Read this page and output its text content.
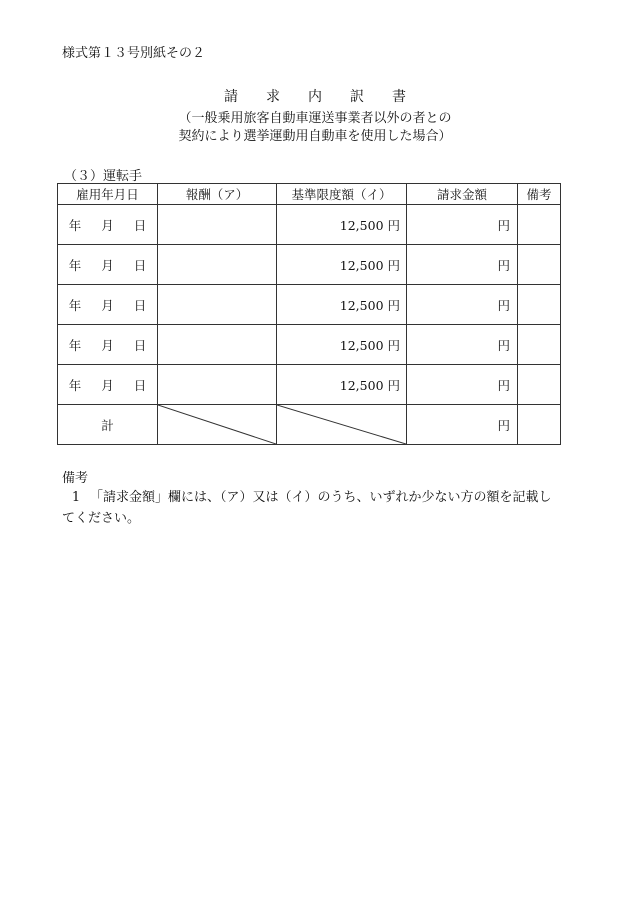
様式第１３号別紙その２
請　　求　　内　　訳　　書
（一般乗用旅客自動車運送事業者以外の者との
契約により選挙運動用自動車を使用した場合）
（３）運転手
雇用年月日	報酬（ア）	基準限度額（イ）	請求金額	備考
年 月 日		12,500 円	円	
年 月 日		12,500 円	円	
年 月 日		12,500 円	円	
年 月 日		12,500 円	円	
年 月 日		12,500 円	円	
計			円	
備考
1 「請求金額」欄には、（ア）又は（イ）のうち、いずれか少ない方の額を記載してください。
